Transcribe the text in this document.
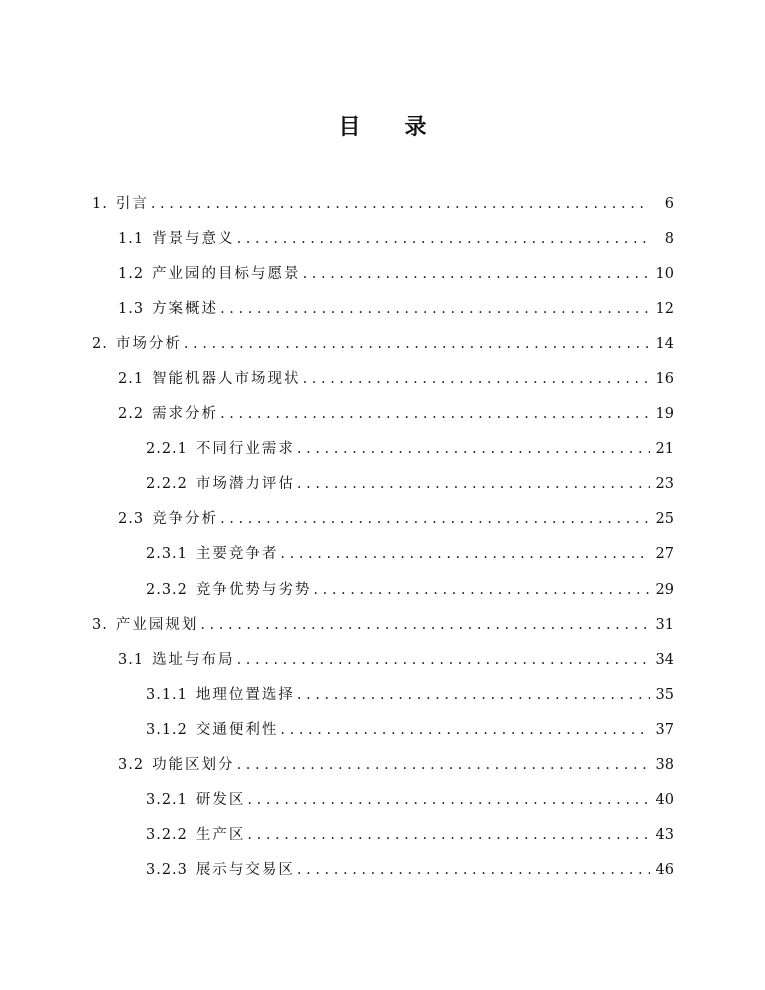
目　　录
1. 引言 . . .	6
1.1 背景与意义 . . .	8
1.2 产业园的目标与愿景 . . .	10
1.3 方案概述 . . .	12
2. 市场分析 . . .	14
2.1 智能机器人市场现状 . . .	16
2.2 需求分析 . . .	19
2.2.1 不同行业需求 . . .	21
2.2.2 市场潜力评估 . . .	23
2.3 竞争分析 . . .	25
2.3.1 主要竞争者 . . .	27
2.3.2 竞争优势与劣势 . . .	29
3. 产业园规划 . . .	31
3.1 选址与布局 . . .	34
3.1.1 地理位置选择 . . .	35
3.1.2 交通便利性 . . .	37
3.2 功能区划分 . . .	38
3.2.1 研发区 . . .	40
3.2.2 生产区 . . .	43
3.2.3 展示与交易区 . . .	46
